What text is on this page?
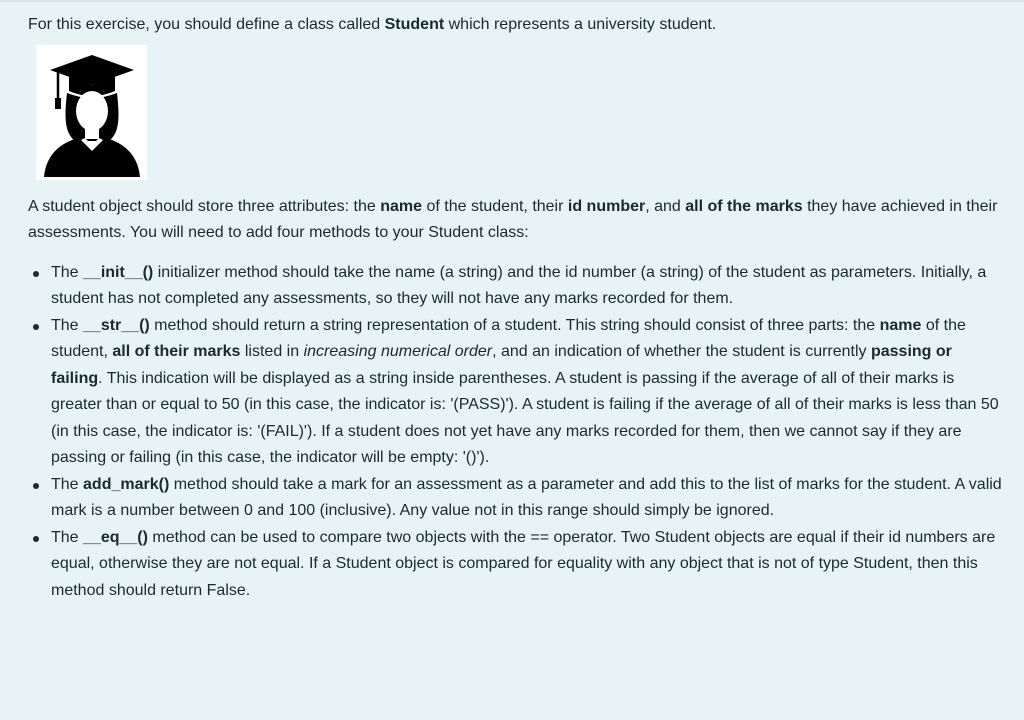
For this exercise, you should define a class called Student which represents a university student.

A student object should store three attributes: the name of the student, their id number, and all of the marks they have achieved in their assessments. You will need to add four methods to your Student class:

The __init__() initializer method should take the name (a string) and the id number (a string) of the student as parameters. Initially, a student has not completed any assessments, so they will not have any marks recorded for them.
The __str__() method should return a string representation of a student. This string should consist of three parts: the name of the student, all of their marks listed in increasing numerical order, and an indication of whether the student is currently passing or failing. This indication will be displayed as a string inside parentheses. A student is passing if the average of all of their marks is greater than or equal to 50 (in this case, the indicator is: '(PASS)'). A student is failing if the average of all of their marks is less than 50 (in this case, the indicator is: '(FAIL)'). If a student does not yet have any marks recorded for them, then we cannot say if they are passing or failing (in this case, the indicator will be empty: '()').
The add_mark() method should take a mark for an assessment as a parameter and add this to the list of marks for the student. A valid mark is a number between 0 and 100 (inclusive). Any value not in this range should simply be ignored.
The __eq__() method can be used to compare two objects with the == operator. Two Student objects are equal if their id numbers are equal, otherwise they are not equal. If a Student object is compared for equality with any object that is not of type Student, then this method should return False.
